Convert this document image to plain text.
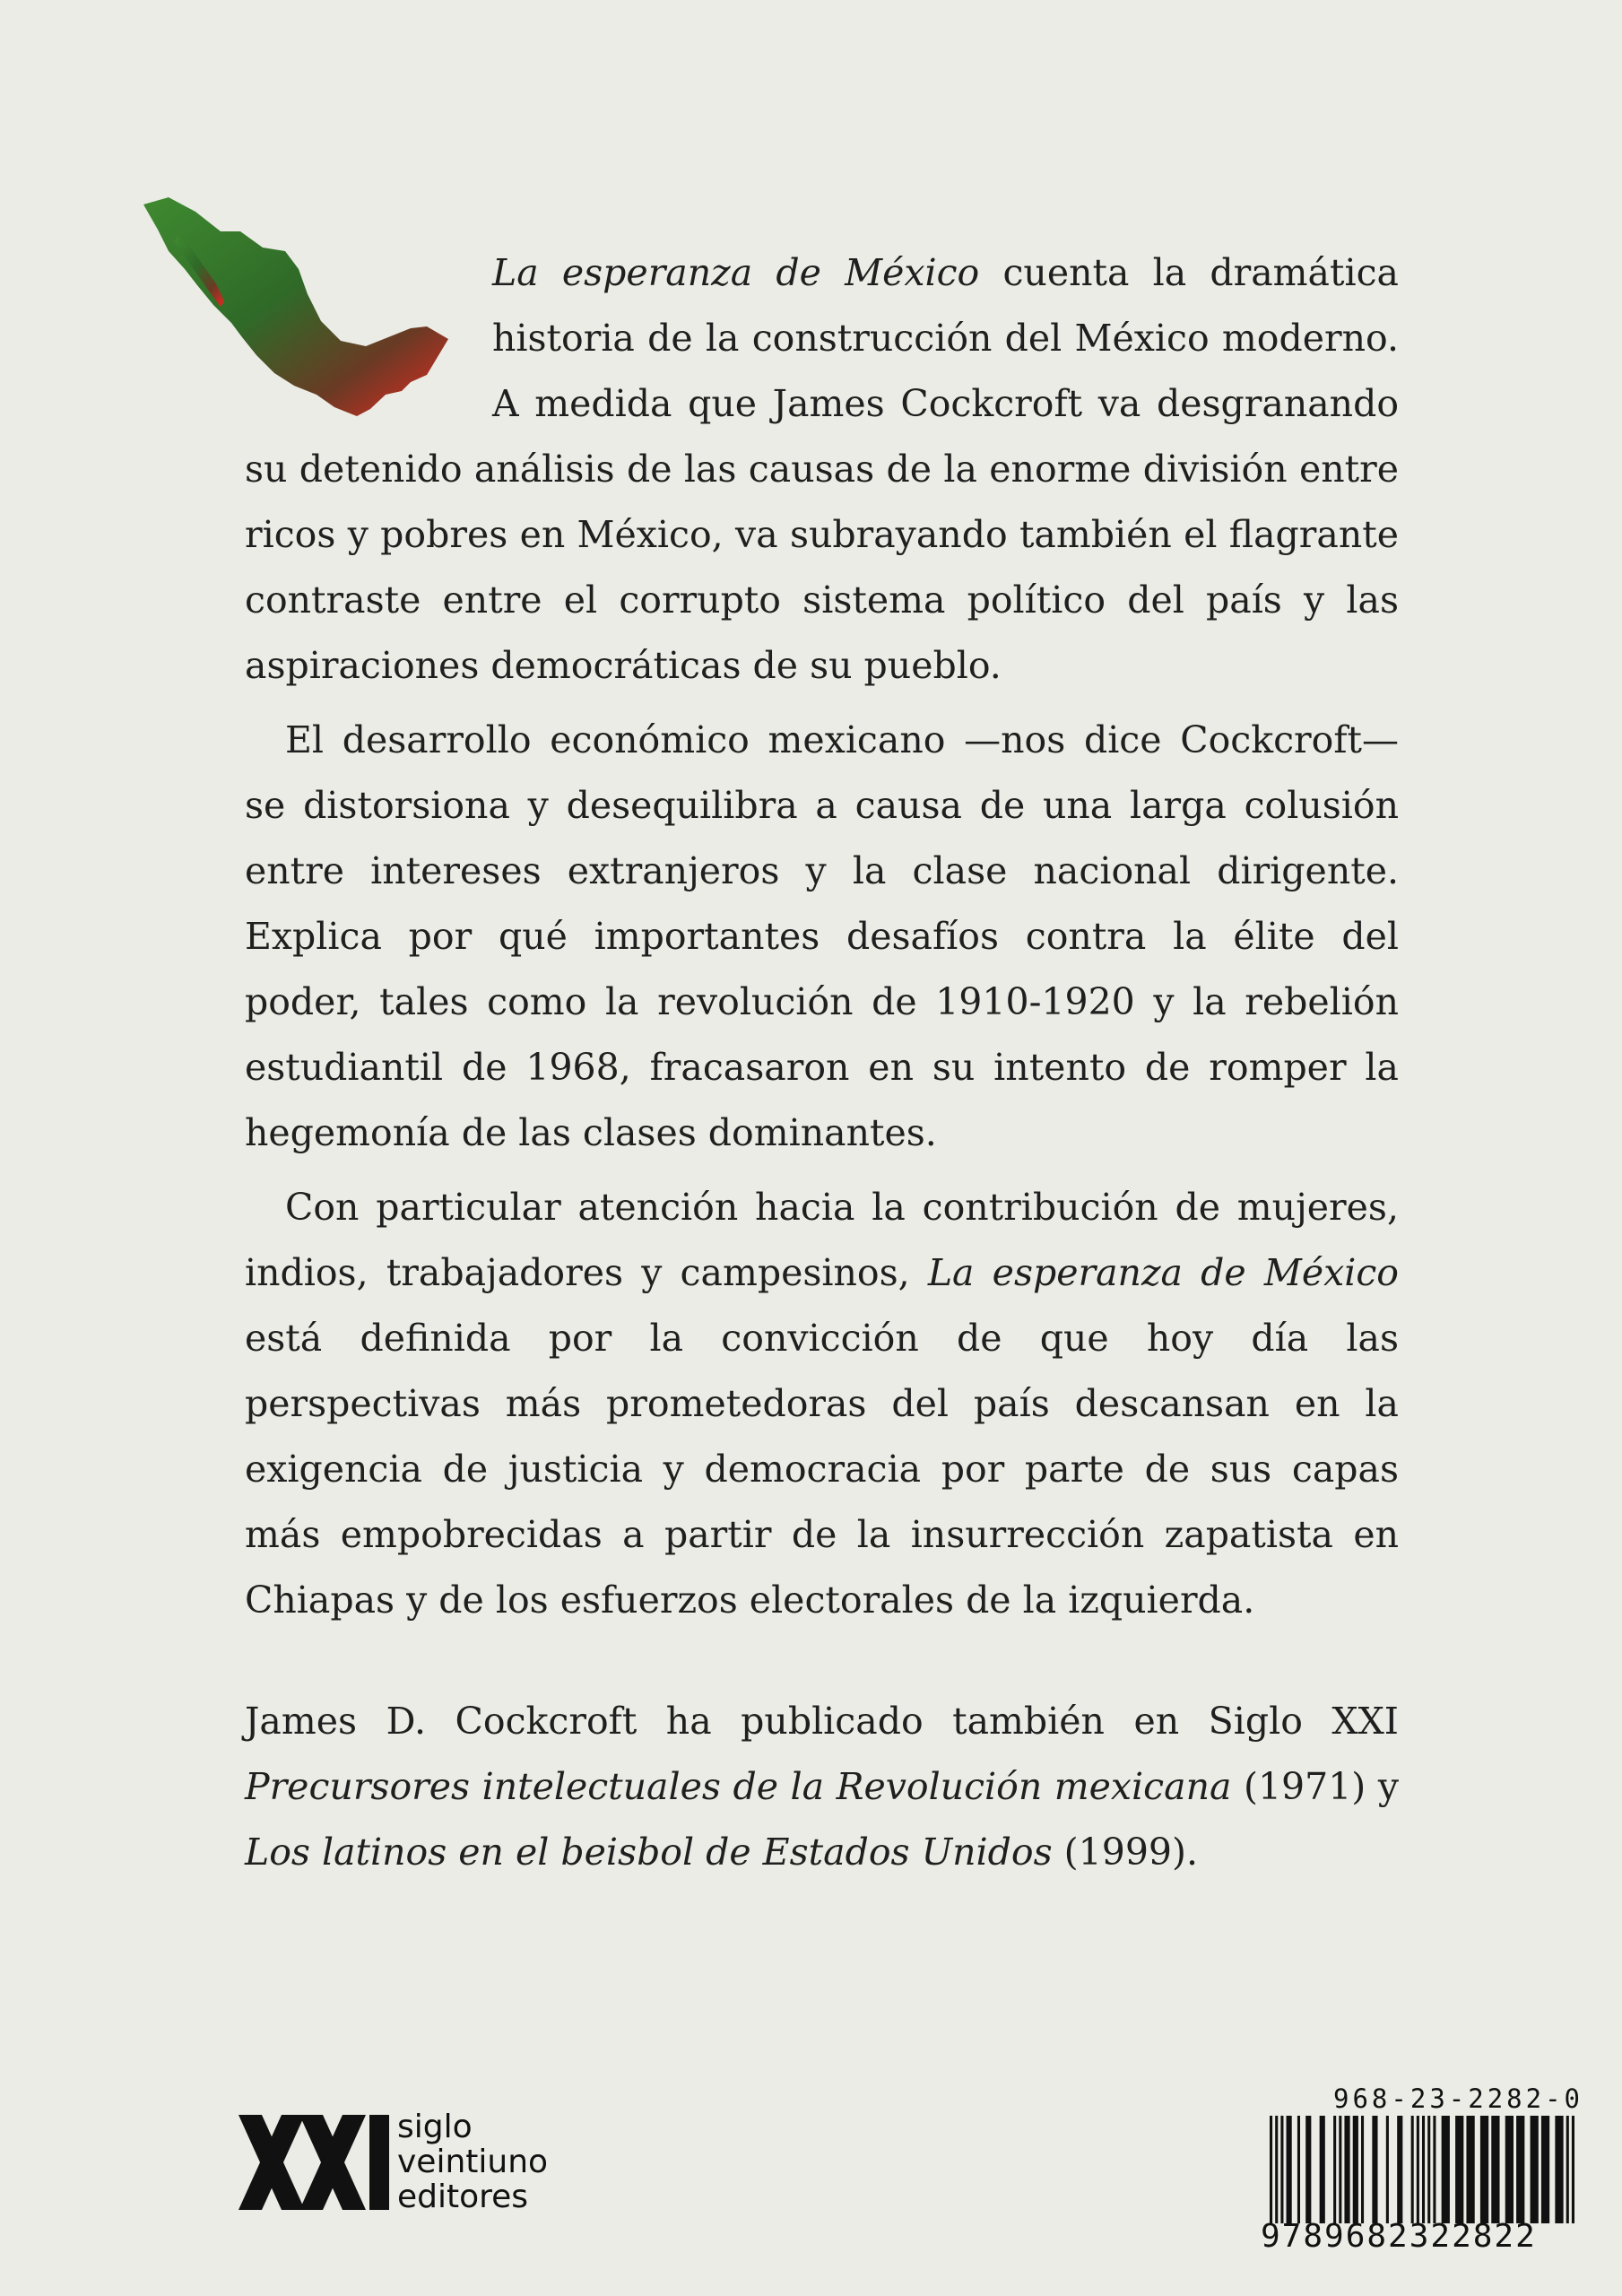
La esperanza de México cuenta la dramática historia de la construcción del México moderno. A medida que James Cockcroft va desgranando su detenido análisis de las causas de la enorme división entre ricos y pobres en México, va subrayando también el flagrante contraste entre el corrupto sistema político del país y las aspiraciones democráticas de su pueblo.

El desarrollo económico mexicano —nos dice Cockcroft— se distorsiona y desequilibra a causa de una larga colusión entre intereses extranjeros y la clase nacional dirigente. Explica por qué importantes desafíos contra la élite del poder, tales como la revolución de 1910-1920 y la rebelión estudiantil de 1968, fracasaron en su intento de romper la hegemonía de las clases dominantes.

Con particular atención hacia la contribución de mujeres, indios, trabajadores y campesinos, La esperanza de México está definida por la convicción de que hoy día las perspectivas más prometedoras del país descansan en la exigencia de justicia y democracia por parte de sus capas más empobrecidas a partir de la insurrección zapatista en Chiapas y de los esfuerzos electorales de la izquierda.

James D. Cockcroft ha publicado también en Siglo XXI Precursores intelectuales de la Revolución mexicana (1971) y Los latinos en el beisbol de Estados Unidos (1999).

siglo
veintiuno
editores
968-23-2282-0
9789682322822
